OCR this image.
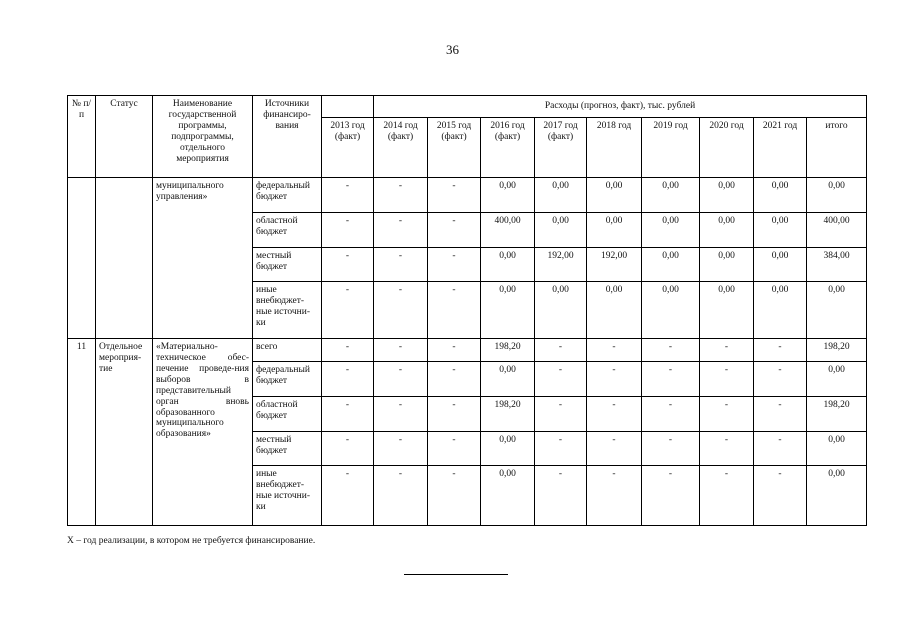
36
№ п/п	Статус	Наименование государственной программы, подпрограммы, отдельного мероприятия	Источники финансиро-вания		Расходы (прогноз, факт), тыс. рублей								
				2013 год (факт)	2014 год (факт)	2015 год (факт)	2016 год (факт)	2017 год (факт)	2018 год	2019 год	2020 год	2021 год	итого
		муниципального управления»	федеральный бюджет	-	-	-	0,00	0,00	0,00	0,00	0,00	0,00	0,00
			областной бюджет	-	-	-	400,00	0,00	0,00	0,00	0,00	0,00	400,00
			местный бюджет	-	-	-	0,00	192,00	192,00	0,00	0,00	0,00	384,00
			иные внебюджет-ные источни-ки	-	-	-	0,00	0,00	0,00	0,00	0,00	0,00	0,00
11	Отдельное мероприя-тие	«Материально-техническое обес-печение проведе-ния выборов в представительный орган вновь образованного муниципального образования»	всего	-	-	-	198,20	-	-	-	-	-	198,20
			федеральный бюджет	-	-	-	0,00	-	-	-	-	-	0,00
			областной бюджет	-	-	-	198,20	-	-	-	-	-	198,20
			местный бюджет	-	-	-	0,00	-	-	-	-	-	0,00
			иные внебюджет-ные источни-ки	-	-	-	0,00	-	-	-	-	-	0,00
Х – год реализации, в котором не требуется финансирование.
